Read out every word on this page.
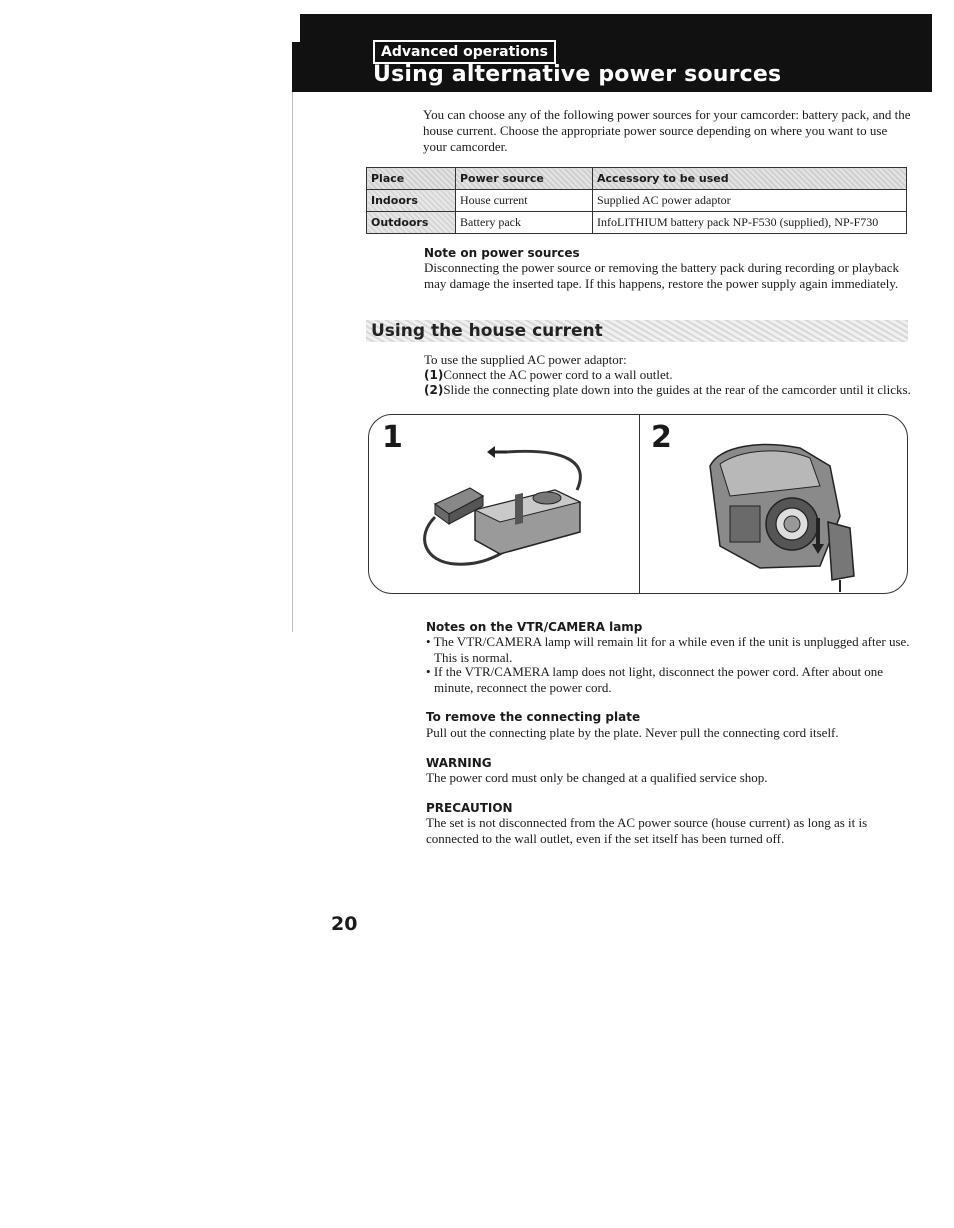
Advanced operations
Using alternative power sources
You can choose any of the following power sources for your camcorder: battery pack, and the house current. Choose the appropriate power source depending on where you want to use your camcorder.
Place	Power source	Accessory to be used
Indoors	House current	Supplied AC power adaptor
Outdoors	Battery pack	InfoLITHIUM battery pack NP-F530 (supplied), NP-F730
Note on power sources
Disconnecting the power source or removing the battery pack during recording or playback may damage the inserted tape. If this happens, restore the power supply again immediately.
Using the house current
To use the supplied AC power adaptor:
(1)Connect the AC power cord to a wall outlet.
(2)Slide the connecting plate down into the guides at the rear of the camcorder until it clicks.
1	2
Notes on the VTR/CAMERA lamp
• The VTR/CAMERA lamp will remain lit for a while even if the unit is unplugged after use. This is normal.
• If the VTR/CAMERA lamp does not light, disconnect the power cord. After about one minute, reconnect the power cord.
To remove the connecting plate
Pull out the connecting plate by the plate. Never pull the connecting cord itself.
WARNING
The power cord must only be changed at a qualified service shop.
PRECAUTION
The set is not disconnected from the AC power source (house current) as long as it is connected to the wall outlet, even if the set itself has been turned off.
20
